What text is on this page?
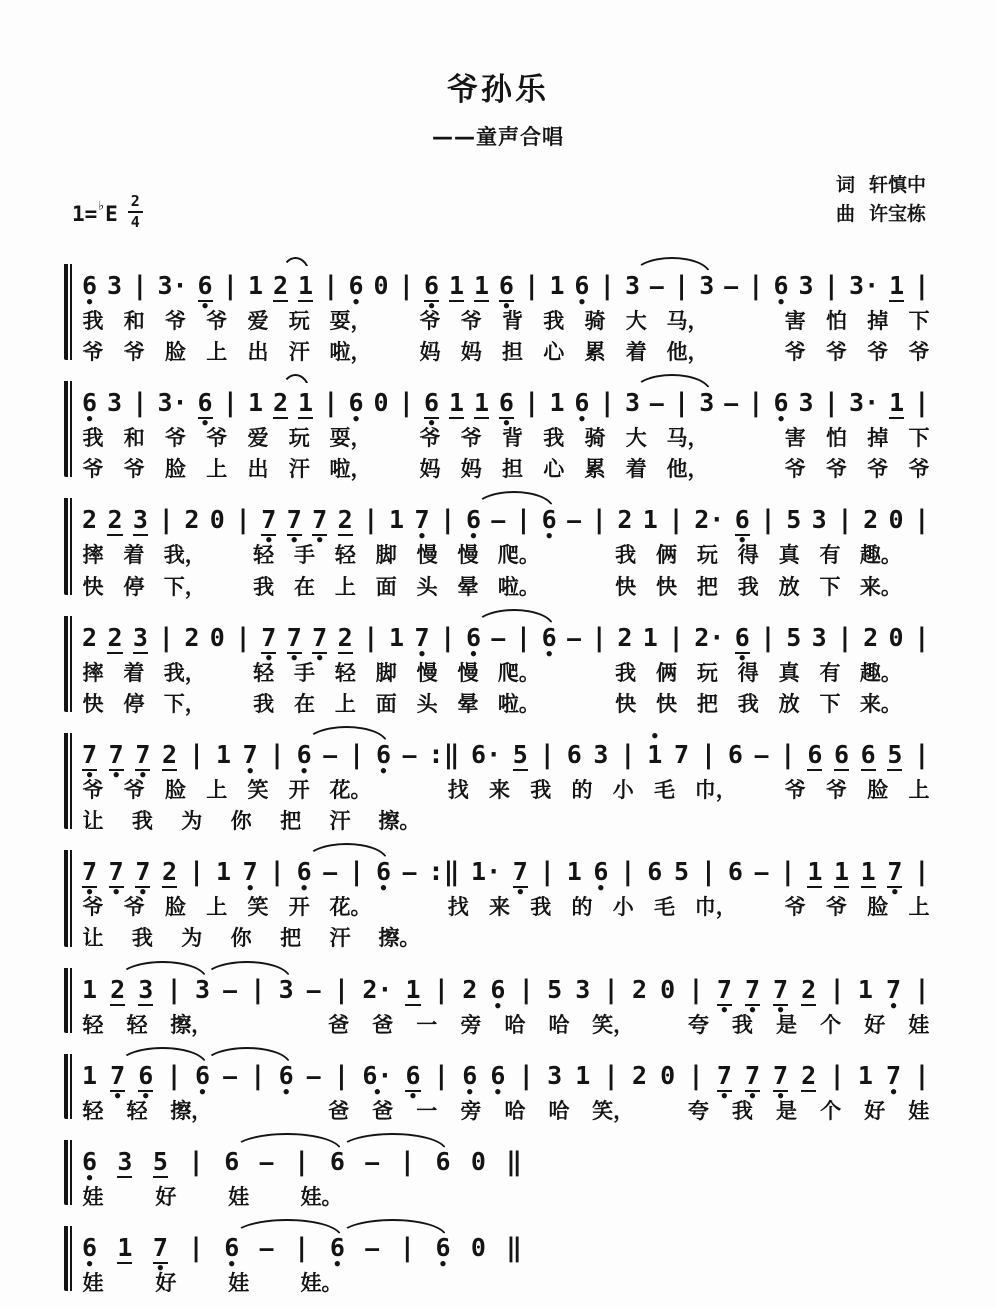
爷孙乐
——童声合唱
$1=^♭E \frac{2}{4}$
词 轩慎中
曲 许宝栋
6 ● 3 | 3· 6 ● | 1 2 1 | 6 ● 0 | 6 ● 1 1 6 ● | 1 6 ● | 3 — | 3 — | 6 ● 3 | 3· 1 |
我 和 爷 爷 爱 玩 耍， 爷 爷 背 我 骑 大 马，	害 怕 掉 下
爷 爷 脸 上 出 汗 啦， 妈 妈 担 心 累 着 他，	爷 爷 爷 爷
6 ● 3 | 3· 6 ● | 1 2 1 | 6 ● 0 | 6 ● 1 1 6 ● | 1 6 ● | 3 — | 3 — | 6 ● 3 | 3· 1 |
我 和 爷 爷 爱 玩 耍， 爷 爷 背 我 骑 大 马，	害 怕 掉 下
爷 爷 脸 上 出 汗 啦， 妈 妈 担 心 累 着 他，	爷 爷 爷 爷
2 2 3 | 2 0 | 7 ● 7 ● 7 ● 2 | 1 7 ● | 6 ● — | 6 ● — | 2 1 | 2· 6 ● | 5 3 | 2 0 |
摔 着 我， 轻 手 轻 脚 慢 慢 爬。	我 俩 玩 得 真 有 趣。
快 停 下， 我 在 上 面 头 晕 啦。	快 快 把 我 放 下 来。
2 2 3 | 2 0 | 7 ● 7 ● 7 ● 2 | 1 7 ● | 6 ● — | 6 ● — | 2 1 | 2· 6 ● | 5 3 | 2 0 |
摔 着 我， 轻 手 轻 脚 慢 慢 爬。	我 俩 玩 得 真 有 趣。
快 停 下， 我 在 上 面 头 晕 啦。	快 快 把 我 放 下 来。
7 ● 7 ● 7 ● 2 | 1 7 ● | 6 ● — | 6 ● — :‖ 6· 5 | 6 3 | ● 1 7 | 6 — | 6 6 6 5 |
爷 爷 脸 上 笑 开 花。	找 来 我 的 小 毛 巾， 爷 爷 脸 上
让 我 为 你 把 汗 擦。
7 ● 7 ● 7 ● 2 | 1 7 ● | 6 ● — | 6 ● — :‖ 1· 7 ● | 1 6 ● | 6 5 | 6 — | 1 1 1 7 ● |
爷 爷 脸 上 笑 开 花。	找 来 我 的 小 毛 巾， 爷 爷 脸 上
让 我 为 你 把 汗 擦。
1 2 3 | 3 — | 3 — | 2· 1 | 2 6 ● | 5 3 | 2 0 | 7 ● 7 ● 7 ● 2 | 1 7 ● |
轻 轻 擦，	爸 爸 一 旁 哈 哈 笑，	夸 我 是 个 好 娃
1 7 ● 6 ● | 6 ● — | 6 ● — | 6· ● 6 ● | 6 ● 6 ● | 3 1 | 2 0 | 7 ● 7 ● 7 ● 2 | 1 7 ● |
轻 轻 擦，	爸 爸 一 旁 哈 哈 笑，	夸 我 是 个 好 娃
6 ● 3 5 | 6 — | 6 — | 6 0 ‖
娃 好 娃 娃。
6 ● 1 7 ● | 6 ● — | 6 ● — | 6 ● 0 ‖
娃 好 娃 娃。
